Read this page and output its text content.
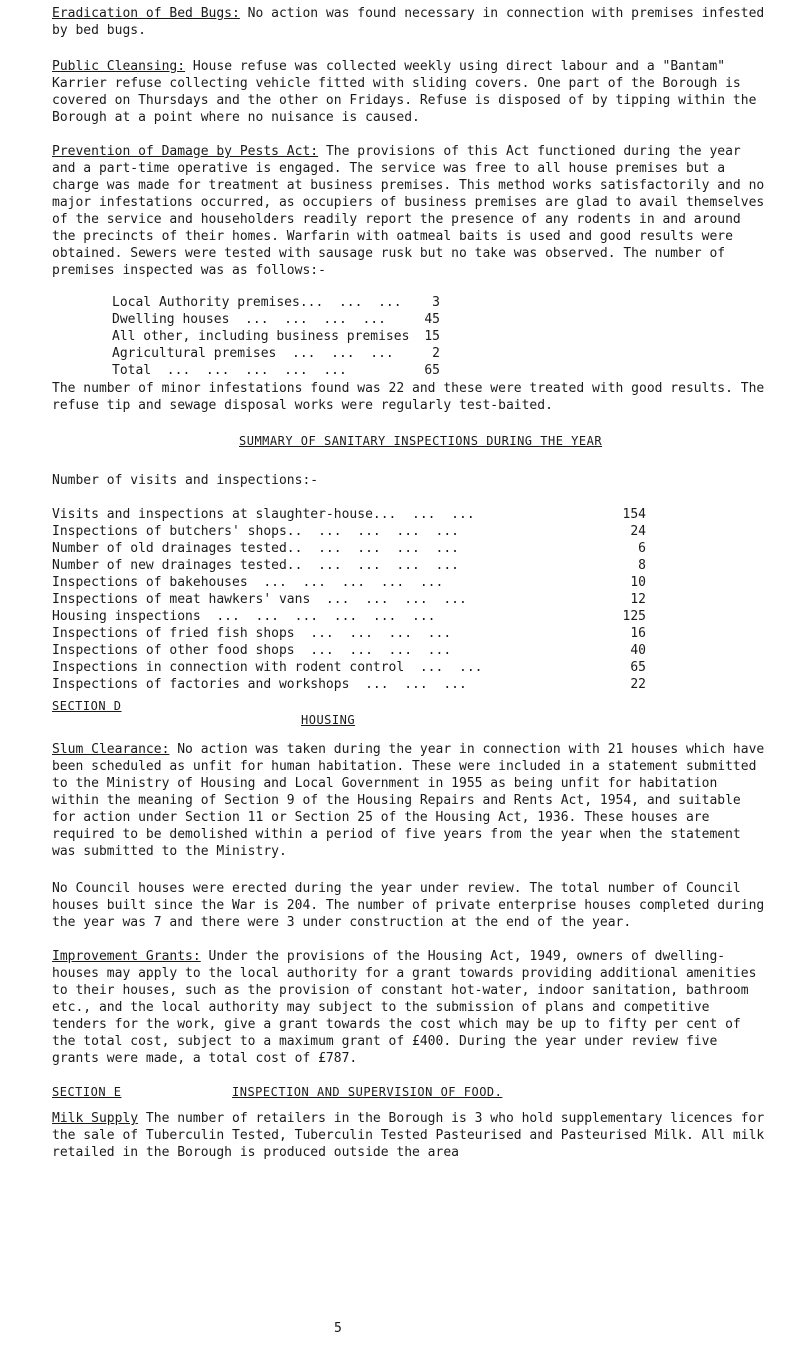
Eradication of Bed Bugs: No action was found necessary in connection with premises infested by bed bugs.

Public Cleansing: House refuse was collected weekly using direct labour and a "Bantam" Karrier refuse collecting vehicle fitted with sliding covers. One part of the Borough is covered on Thursdays and the other on Fridays. Refuse is disposed of by tipping within the Borough at a point where no nuisance is caused.

Prevention of Damage by Pests Act: The provisions of this Act functioned during the year and a part-time operative is engaged. The service was free to all house premises but a charge was made for treatment at business premises. This method works satisfactorily and no major infestations occurred, as occupiers of business premises are glad to avail themselves of the service and householders readily report the presence of any rodents in and around the precincts of their homes. Warfarin with oatmeal baits is used and good results were obtained. Sewers were tested with sausage rusk but no take was observed. The number of premises inspected was as follows:-

Local Authority premises...  ...  ...	3
Dwelling houses  ...  ...  ...  ...	45
All other, including business premises	15
Agricultural premises  ...  ...  ...	2
Total  ...  ...  ...  ...  ...	65

The number of minor infestations found was 22 and these were treated with good results. The refuse tip and sewage disposal works were regularly test-baited.

SUMMARY OF SANITARY INSPECTIONS DURING THE YEAR

Number of visits and inspections:-

Visits and inspections at slaughter-house...  ...  ...	154
Inspections of butchers' shops..  ...  ...  ...  ...	24
Number of old drainages tested..  ...  ...  ...  ...	6
Number of new drainages tested..  ...  ...  ...  ...	8
Inspections of bakehouses  ...  ...  ...  ...  ...	10
Inspections of meat hawkers' vans  ...  ...  ...  ...	12
Housing inspections  ...  ...  ...  ...  ...  ...	125
Inspections of fried fish shops  ...  ...  ...  ...	16
Inspections of other food shops  ...  ...  ...  ...	40
Inspections in connection with rodent control  ...  ...	65
Inspections of factories and workshops  ...  ...  ...	22
SECTION D
HOUSING

Slum Clearance: No action was taken during the year in connection with 21 houses which have been scheduled as unfit for human habitation. These were included in a statement submitted to the Ministry of Housing and Local Government in 1955 as being unfit for habitation within the meaning of Section 9 of the Housing Repairs and Rents Act, 1954, and suitable for action under Section 11 or Section 25 of the Housing Act, 1936. These houses are required to be demolished within a period of five years from the year when the statement was submitted to the Ministry.

No Council houses were erected during the year under review. The total number of Council houses built since the War is 204. The number of private enterprise houses completed during the year was 7 and there were 3 under construction at the end of the year.

Improvement Grants: Under the provisions of the Housing Act, 1949, owners of dwelling-houses may apply to the local authority for a grant towards providing additional amenities to their houses, such as the provision of constant hot-water, indoor sanitation, bathroom etc., and the local authority may subject to the submission of plans and competitive tenders for the work, give a grant towards the cost which may be up to fifty per cent of the total cost, subject to a maximum grant of £400. During the year under review five grants were made, a total cost of £787.

SECTION E	INSPECTION AND SUPERVISION OF FOOD.

Milk Supply The number of retailers in the Borough is 3 who hold supplementary licences for the sale of Tuberculin Tested, Tuberculin Tested Pasteurised and Pasteurised Milk. All milk retailed in the Borough is produced outside the area

5
